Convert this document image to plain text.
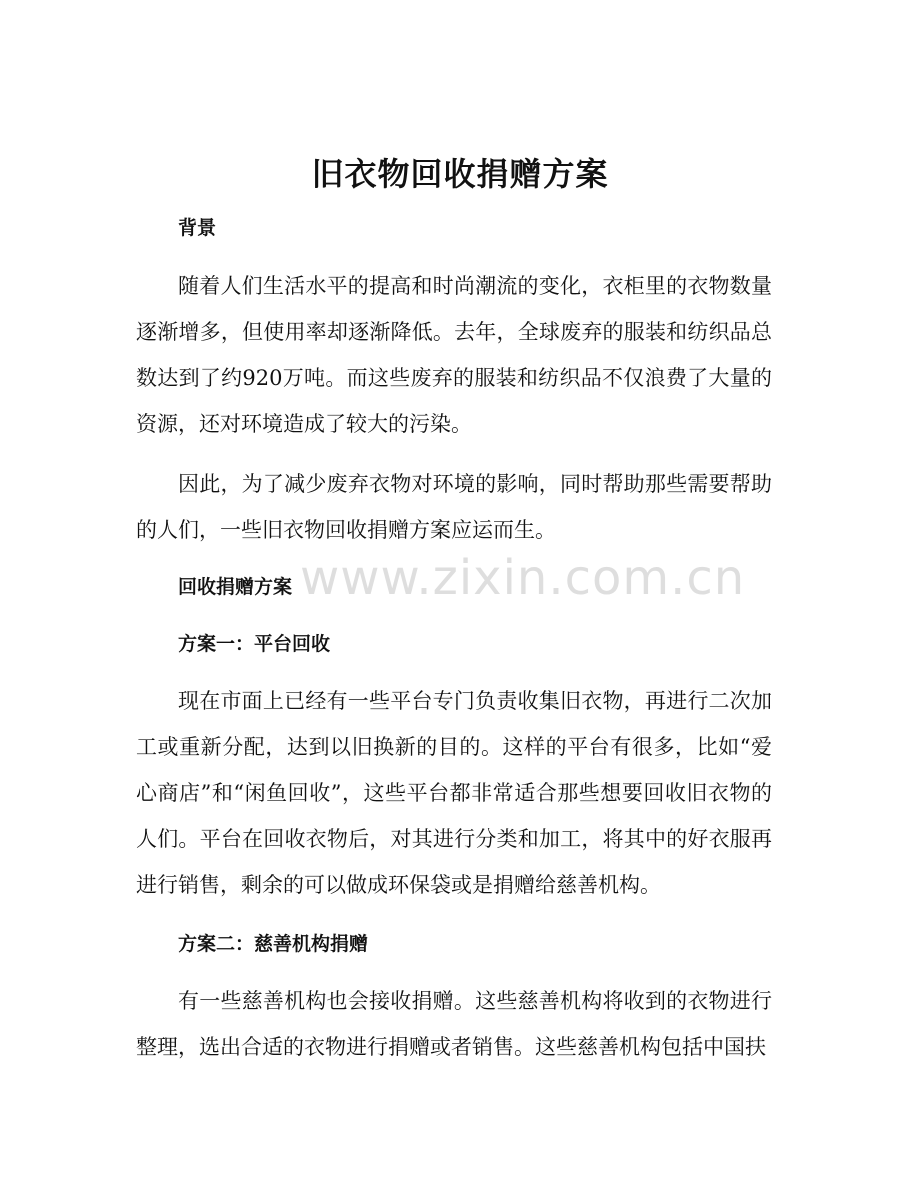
旧衣物回收捐赠方案
背景
随着人们生活水平的提高和时尚潮流的变化，衣柜里的衣物数量逐渐增多，但使用率却逐渐降低。去年，全球废弃的服装和纺织品总数达到了约920万吨。而这些废弃的服装和纺织品不仅浪费了大量的资源，还对环境造成了较大的污染。
因此，为了减少废弃衣物对环境的影响，同时帮助那些需要帮助的人们，一些旧衣物回收捐赠方案应运而生。
回收捐赠方案
方案一：平台回收
现在市面上已经有一些平台专门负责收集旧衣物，再进行二次加工或重新分配，达到以旧换新的目的。这样的平台有很多，比如“爱心商店”和“闲鱼回收”，这些平台都非常适合那些想要回收旧衣物的人们。平台在回收衣物后，对其进行分类和加工，将其中的好衣服再进行销售，剩余的可以做成环保袋或是捐赠给慈善机构。
方案二：慈善机构捐赠
有一些慈善机构也会接收捐赠。这些慈善机构将收到的衣物进行整理，选出合适的衣物进行捐赠或者销售。这些慈善机构包括中国扶
www.zixin.com.cn
